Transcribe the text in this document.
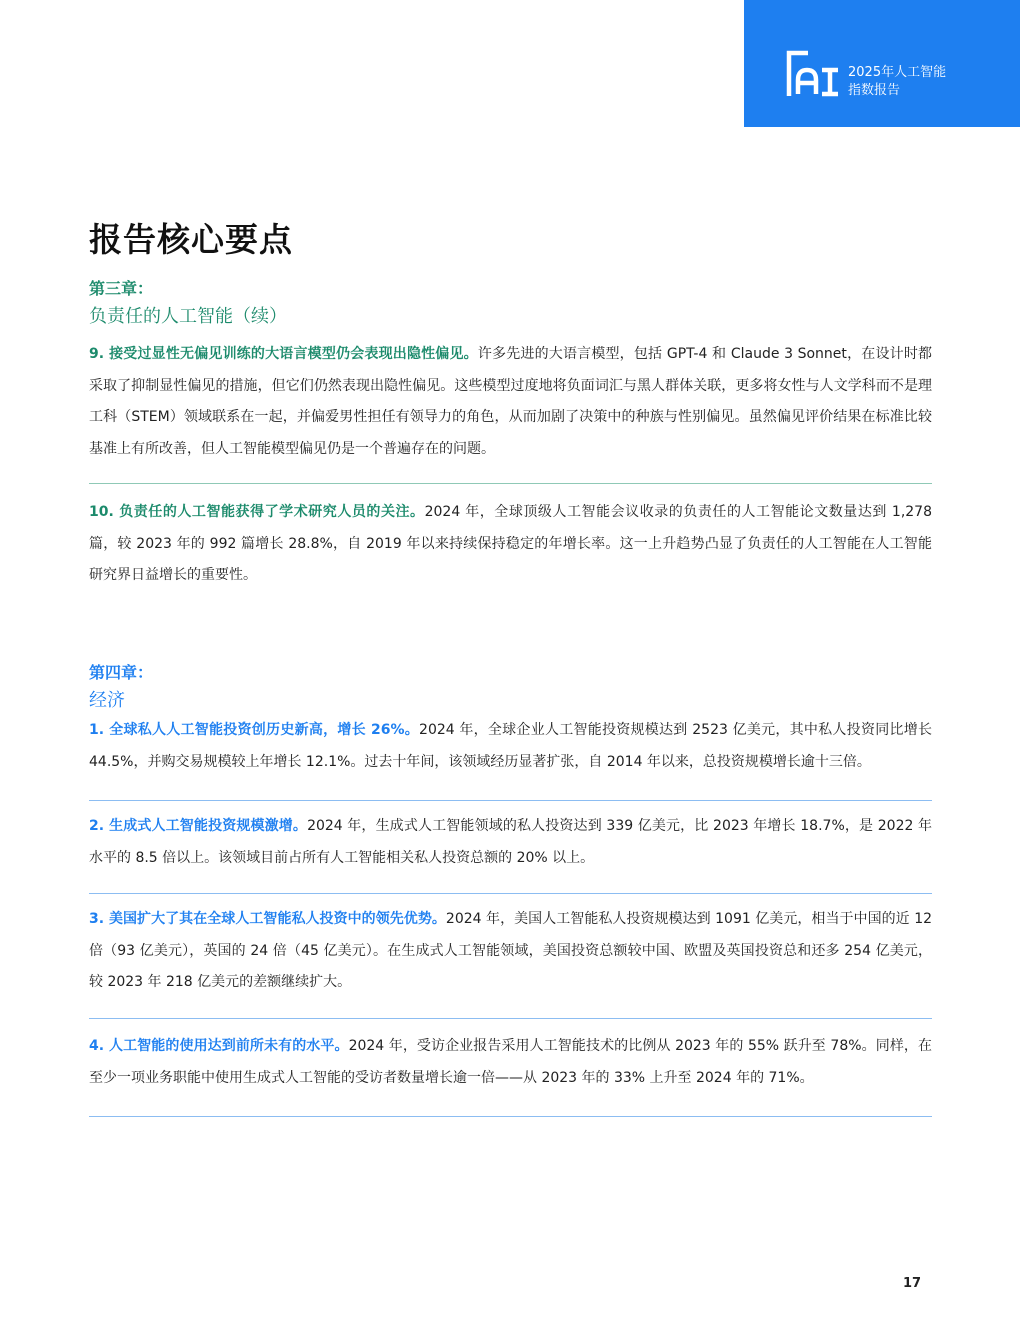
2025年人工智能
指数报告
报告核心要点
第三章：
负责任的人工智能（续）

9. 接受过显性无偏见训练的大语言模型仍会表现出隐性偏见。许多先进的大语言模型，包括 GPT-4 和 Claude 3 Sonnet，在设计时都采取了抑制显性偏见的措施，但它们仍然表现出隐性偏见。这些模型过度地将负面词汇与黑人群体关联，更多将女性与人文学科而不是理工科（STEM）领域联系在一起，并偏爱男性担任有领导力的角色，从而加剧了决策中的种族与性别偏见。虽然偏见评价结果在标准比较基准上有所改善，但人工智能模型偏见仍是一个普遍存在的问题。

10. 负责任的人工智能获得了学术研究人员的关注。2024 年，全球顶级人工智能会议收录的负责任的人工智能论文数量达到 1,278 篇，较 2023 年的 992 篇增长 28.8%，自 2019 年以来持续保持稳定的年增长率。这一上升趋势凸显了负责任的人工智能在人工智能研究界日益增长的重要性。

第四章：
经济

1. 全球私人人工智能投资创历史新高，增长 26%。2024 年，全球企业人工智能投资规模达到 2523 亿美元，其中私人投资同比增长 44.5%，并购交易规模较上年增长 12.1%。过去十年间，该领域经历显著扩张，自 2014 年以来，总投资规模增长逾十三倍。

2. 生成式人工智能投资规模激增。2024 年，生成式人工智能领域的私人投资达到 339 亿美元，比 2023 年增长 18.7%，是 2022 年水平的 8.5 倍以上。该领域目前占所有人工智能相关私人投资总额的 20% 以上。

3. 美国扩大了其在全球人工智能私人投资中的领先优势。2024 年，美国人工智能私人投资规模达到 1091 亿美元，相当于中国的近 12 倍（93 亿美元），英国的 24 倍（45 亿美元）。在生成式人工智能领域，美国投资总额较中国、欧盟及英国投资总和还多 254 亿美元，较 2023 年 218 亿美元的差额继续扩大。

4. 人工智能的使用达到前所未有的水平。2024 年，受访企业报告采用人工智能技术的比例从 2023 年的 55% 跃升至 78%。同样，在至少一项业务职能中使用生成式人工智能的受访者数量增长逾一倍——从 2023 年的 33% 上升至 2024 年的 71%。

17
